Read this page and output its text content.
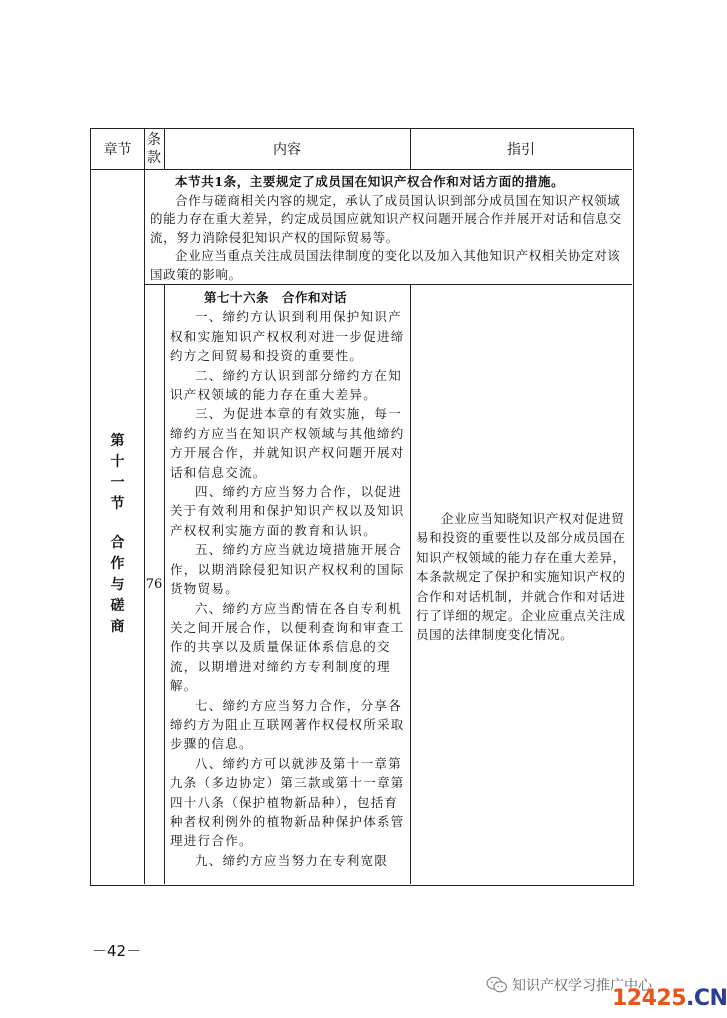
章节
条
款	内容	指引
第
十
一
节
合
作
与
磋
商

本节共1条，主要规定了成员国在知识产权合作和对话方面的措施。

合作与磋商相关内容的规定，承认了成员国认识到部分成员国在知识产权领域的能力存在重大差异，约定成员国应就知识产权问题开展合作并展开对话和信息交流，努力消除侵犯知识产权的国际贸易等。

企业应当重点关注成员国法律制度的变化以及加入其他知识产权相关协定对该国政策的影响。

76

第七十六条　合作和对话

一、缔约方认识到利用保护知识产权和实施知识产权权利对进一步促进缔约方之间贸易和投资的重要性。

二、缔约方认识到部分缔约方在知识产权领域的能力存在重大差异。

三、为促进本章的有效实施，每一缔约方应当在知识产权领域与其他缔约方开展合作，并就知识产权问题开展对话和信息交流。

四、缔约方应当努力合作，以促进关于有效利用和保护知识产权以及知识产权权利实施方面的教育和认识。

五、缔约方应当就边境措施开展合作，以期消除侵犯知识产权权利的国际货物贸易。

六、缔约方应当酌情在各自专利机关之间开展合作，以便利查询和审查工作的共享以及质量保证体系信息的交流，以期增进对缔约方专利制度的理解。

七、缔约方应当努力合作，分享各缔约方为阻止互联网著作权侵权所采取步骤的信息。

八、缔约方可以就涉及第十一章第九条（多边协定）第三款或第十一章第四十八条（保护植物新品种），包括育种者权利例外的植物新品种保护体系管理进行合作。

九、缔约方应当努力在专利宽限

企业应当知晓知识产权对促进贸易和投资的重要性以及部分成员国在知识产权领域的能力存在重大差异，本条款规定了保护和实施知识产权的合作和对话机制，并就合作和对话进行了详细的规定。企业应重点关注成员国的法律制度变化情况。

－42－
知识产权学习推广中心
12425.CN
